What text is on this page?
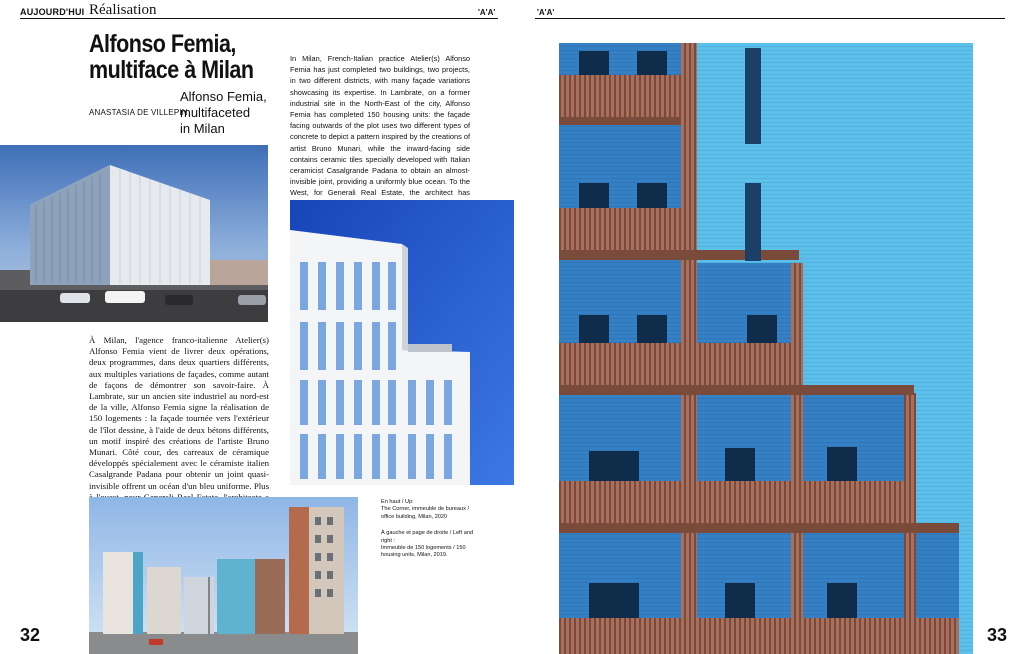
AUJOURD'HUI Réalisation	'A'A'
Alfonso Femia,
multiface à Milan
ANASTASIA DE VILLEPIN
Alfonso Femia,
multifaceted
in Milan
In Milan, French-Italian practice Atelier(s) Alfonso Femia has just completed two buildings, two projects, in two different districts, with many façade variations showcasing its expertise. In Lambrate, on a former industrial site in the North-East of the city, Alfonso Femia has completed 150 housing units: the façade facing outwards of the plot uses two different types of concrete to depict a pattern inspired by the creations of artist Bruno Munari, while the inward-facing side contains ceramic tiles specially developed with Italian ceramicist Casalgrande Padana to obtain an almost-invisible joint, providing a uniformly blue ocean. To the West, for Generali Real Estate, the architect has
À Milan, l'agence franco-italienne Atelier(s) Alfonso Femia vient de livrer deux opérations, deux programmes, dans deux quartiers différents, aux multiples variations de façades, comme autant de façons de démontrer son savoir-faire. À Lambrate, sur un ancien site industriel au nord-est de la ville, Alfonso Femia signe la réalisation de 150 logements : la façade tournée vers l'extérieur de l'îlot dessine, à l'aide de deux bétons différents, un motif inspiré des créations de l'artiste Bruno Munari. Côté cour, des carreaux de céramique développés spécialement avec le céramiste italien Casalgrande Padana pour obtenir un joint quasi-invisible offrent un océan d'un bleu uniforme. Plus
En haut / Up:
The Corner, immeuble de bureaux / office building, Milan, 2020
À gauche et page de droite / Left and right :
Immeuble de 150 logements / 150 housing units, Milan, 2019.
32
'A'A'
33
